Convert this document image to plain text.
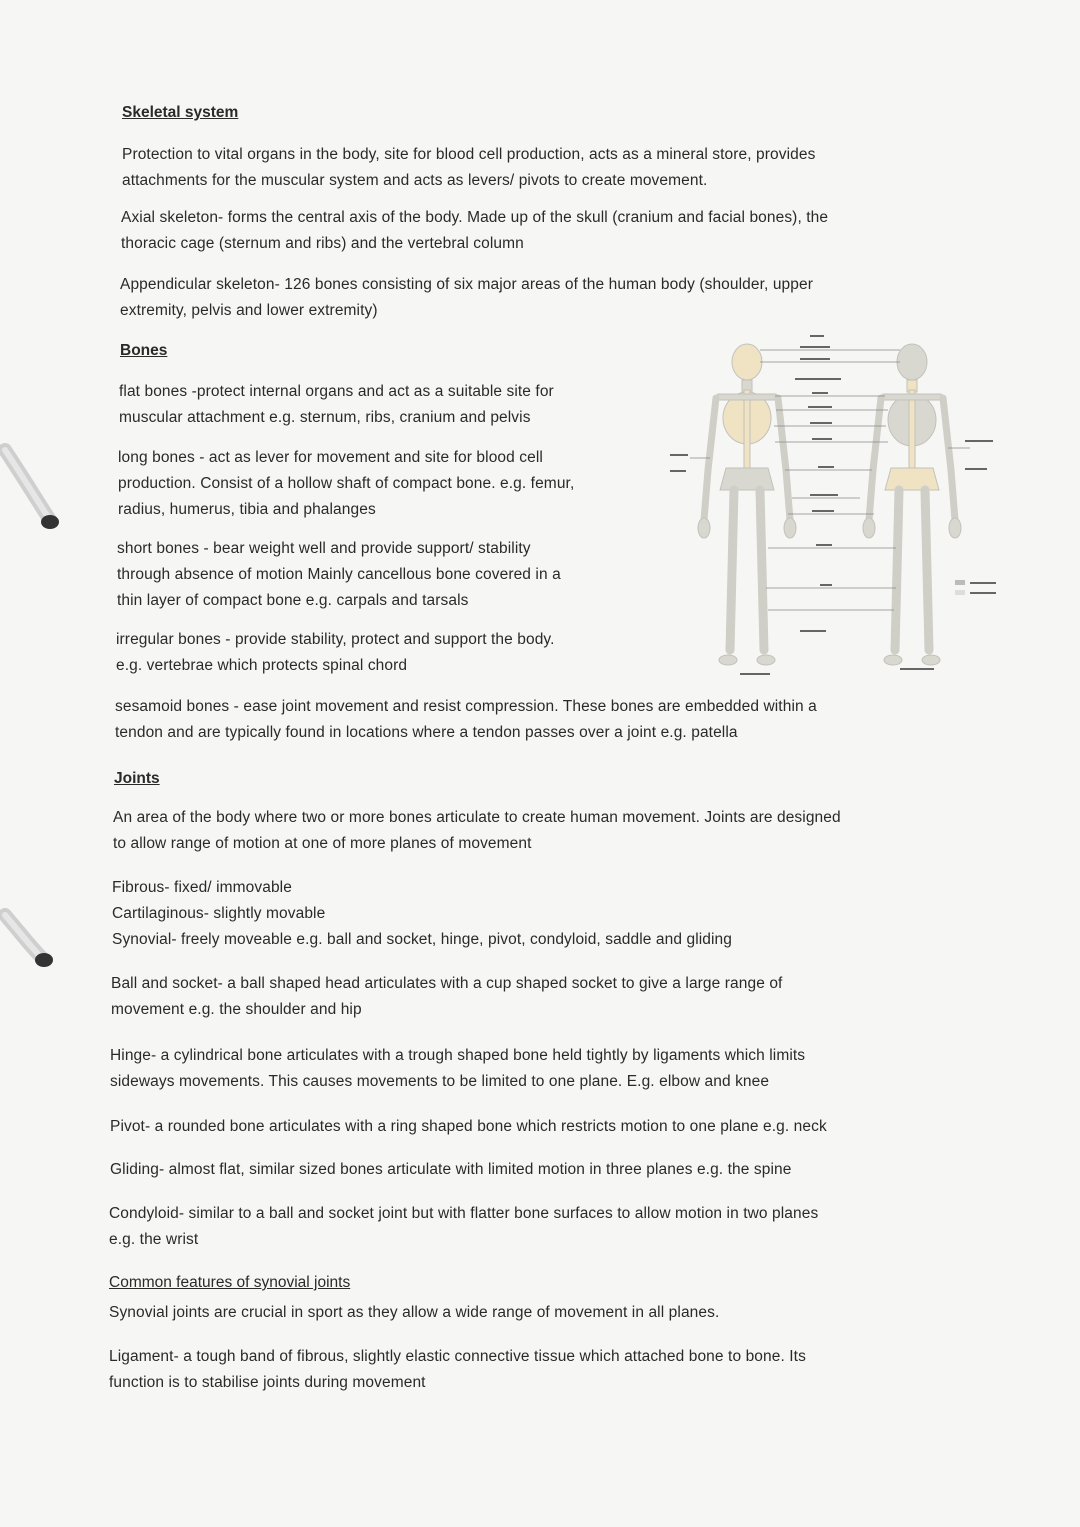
Skeletal system
Protection to vital organs in the body, site for blood cell production, acts as a mineral store, provides
attachments for the muscular system and acts as levers/ pivots to create movement.
Axial skeleton- forms the central axis of the body. Made up of the skull (cranium and facial bones), the
thoracic cage (sternum and ribs) and the vertebral column
Appendicular skeleton- 126 bones consisting of six major areas of the human body (shoulder, upper
extremity, pelvis and lower extremity)
Bones
flat bones -protect internal organs and act as a suitable site for
muscular attachment e.g. sternum, ribs, cranium and pelvis
long bones - act as lever for movement and site for blood cell
production. Consist of a hollow shaft of compact bone. e.g. femur,
radius, humerus, tibia and phalanges
short bones - bear weight well and provide support/ stability
through absence of motion Mainly cancellous bone covered in a
thin layer of compact bone e.g. carpals and tarsals
irregular bones - provide stability, protect and support the body.
e.g. vertebrae which protects spinal chord
sesamoid bones - ease joint movement and resist compression. These bones are embedded within a
tendon and are typically found in locations where a tendon passes over a joint e.g. patella
Joints
An area of the body where two or more bones articulate to create human movement. Joints are designed
to allow range of motion at one of more planes of movement
Fibrous- fixed/ immovable
Cartilaginous- slightly movable
Synovial- freely moveable e.g. ball and socket, hinge, pivot, condyloid, saddle and gliding
Ball and socket- a ball shaped head articulates with a cup shaped socket to give a large range of
movement e.g. the shoulder and hip
Hinge- a cylindrical bone articulates with a trough shaped bone held tightly by ligaments which limits
sideways movements. This causes movements to be limited to one plane. E.g. elbow and knee
Pivot- a rounded bone articulates with a ring shaped bone which restricts motion to one plane e.g. neck
Gliding- almost flat, similar sized bones articulate with limited motion in three planes e.g. the spine
Condyloid- similar to a ball and socket joint but with flatter bone surfaces to allow motion in two planes
e.g. the wrist
Common features of synovial joints
Synovial joints are crucial in sport as they allow a wide range of movement in all planes.
Ligament- a tough band of fibrous, slightly elastic connective tissue which attached bone to bone. Its
function is to stabilise joints during movement
